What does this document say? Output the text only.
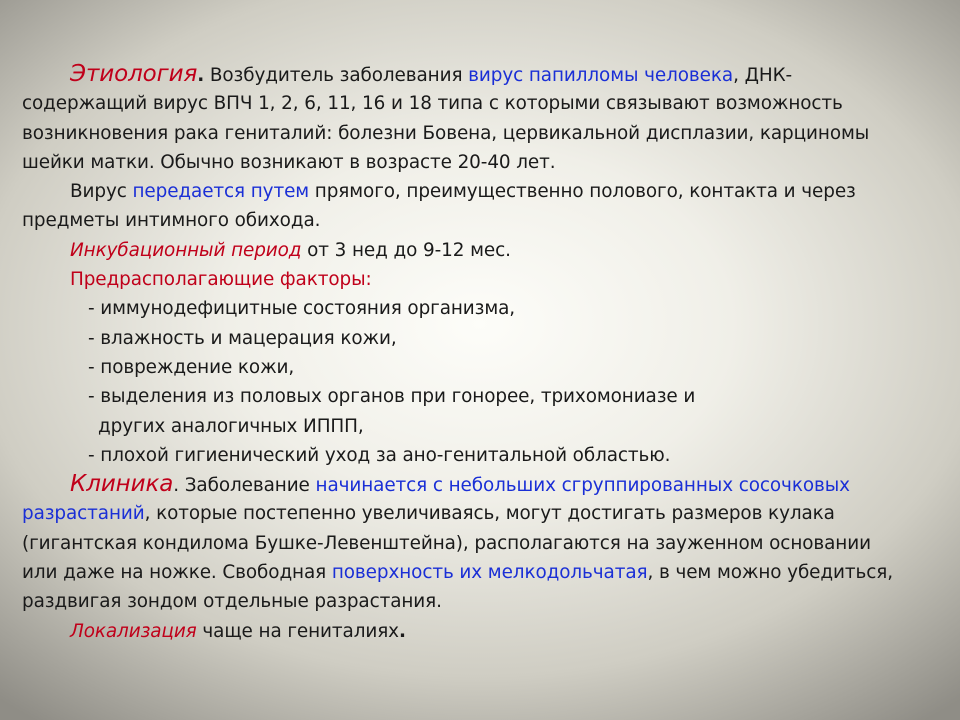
Этиология. Возбудитель заболевания вирус папилломы человека, ДНК-
содержащий вирус ВПЧ 1, 2, 6, 11, 16 и 18 типа с которыми связывают возможность
возникновения рака гениталий: болезни Бовена, цервикальной дисплазии, карциномы
шейки матки. Обычно возникают в возрасте 20-40 лет.
Вирус передается путем прямого, преимущественно полового, контакта и через
предметы интимного обихода.
Инкубационный период от 3 нед до 9-12 мес.
Предрасполагающие факторы:
- иммунодефицитные состояния организма,
- влажность и мацерация кожи,
- повреждение кожи,
- выделения из половых органов при гонорее, трихомониазе и
других аналогичных ИППП,
- плохой гигиенический уход за ано-генитальной областью.
Клиника. Заболевание начинается с небольших сгруппированных сосочковых
разрастаний, которые постепенно увеличиваясь, могут достигать размеров кулака
(гигантская кондилома Бушке-Левенштейна), располагаются на зауженном основании
или даже на ножке. Свободная поверхность их мелкодольчатая, в чем можно убедиться,
раздвигая зондом отдельные разрастания.
Локализация чаще на гениталиях.
